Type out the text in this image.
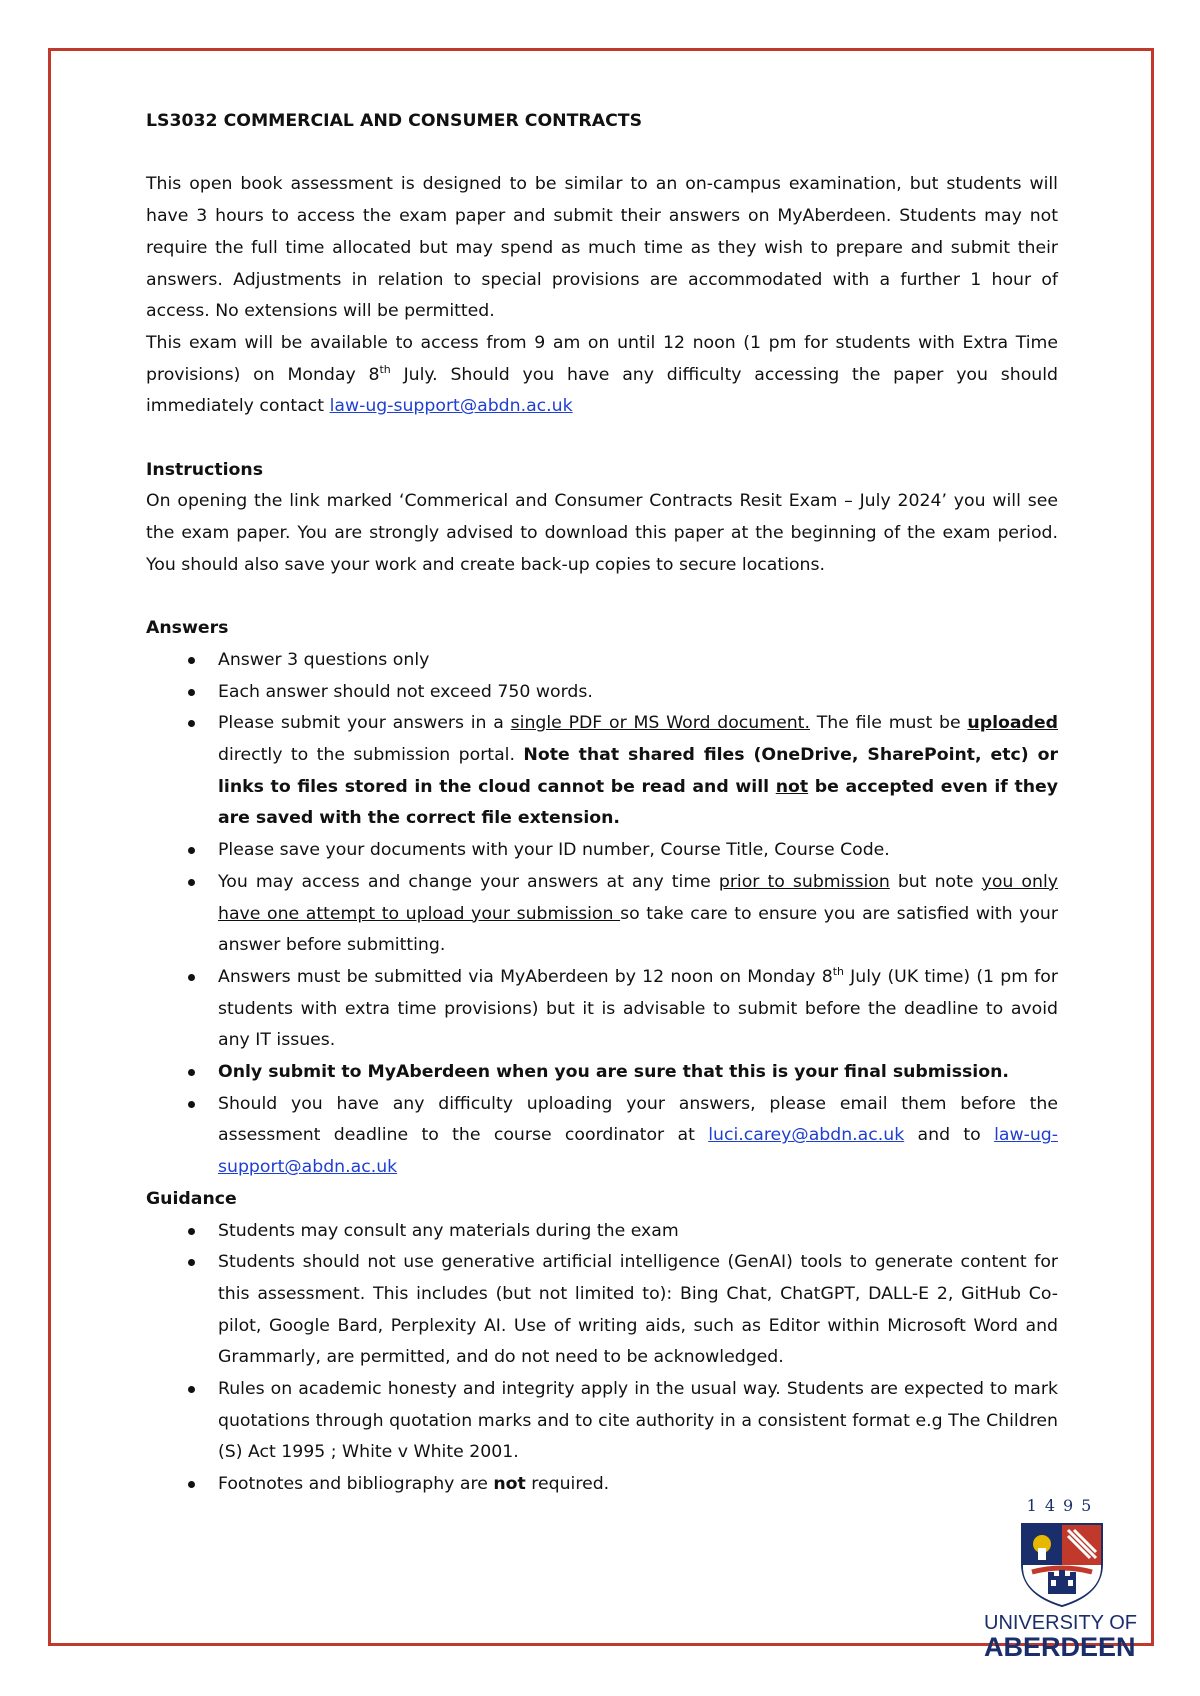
LS3032 COMMERCIAL AND CONSUMER CONTRACTS

This open book assessment is designed to be similar to an on-campus examination, but students will have 3 hours to access the exam paper and submit their answers on MyAberdeen. Students may not require the full time allocated but may spend as much time as they wish to prepare and submit their answers. Adjustments in relation to special provisions are accommodated with a further 1 hour of access. No extensions will be permitted.

This exam will be available to access from 9 am on until 12 noon (1 pm for students with Extra Time provisions) on Monday 8th July. Should you have any difficulty accessing the paper you should immediately contact law-ug-support@abdn.ac.uk

Instructions

On opening the link marked ‘Commerical and Consumer Contracts Resit Exam – July 2024’ you will see the exam paper. You are strongly advised to download this paper at the beginning of the exam period. You should also save your work and create back-up copies to secure locations.

Answers

Answer 3 questions only
Each answer should not exceed 750 words.
Please submit your answers in a single PDF or MS Word document. The file must be uploaded directly to the submission portal. Note that shared files (OneDrive, SharePoint, etc) or links to files stored in the cloud cannot be read and will not be accepted even if they are saved with the correct file extension.
Please save your documents with your ID number, Course Title, Course Code.
You may access and change your answers at any time prior to submission but note you only have one attempt to upload your submission so take care to ensure you are satisfied with your answer before submitting.
Answers must be submitted via MyAberdeen by 12 noon on Monday 8th July (UK time) (1 pm for students with extra time provisions) but it is advisable to submit before the deadline to avoid any IT issues.
Only submit to MyAberdeen when you are sure that this is your final submission.
Should you have any difficulty uploading your answers, please email them before the assessment deadline to the course coordinator at luci.carey@abdn.ac.uk and to law-ug-support@abdn.ac.uk

Guidance

Students may consult any materials during the exam
Students should not use generative artificial intelligence (GenAI) tools to generate content for this assessment. This includes (but not limited to): Bing Chat, ChatGPT, DALL-E 2, GitHub Co-pilot, Google Bard, Perplexity AI. Use of writing aids, such as Editor within Microsoft Word and Grammarly, are permitted, and do not need to be acknowledged.
Rules on academic honesty and integrity apply in the usual way. Students are expected to mark quotations through quotation marks and to cite authority in a consistent format e.g The Children (S) Act 1995 ; White v White 2001.
Footnotes and bibliography are not required.
1495
UNIVERSITY OF
ABERDEEN
